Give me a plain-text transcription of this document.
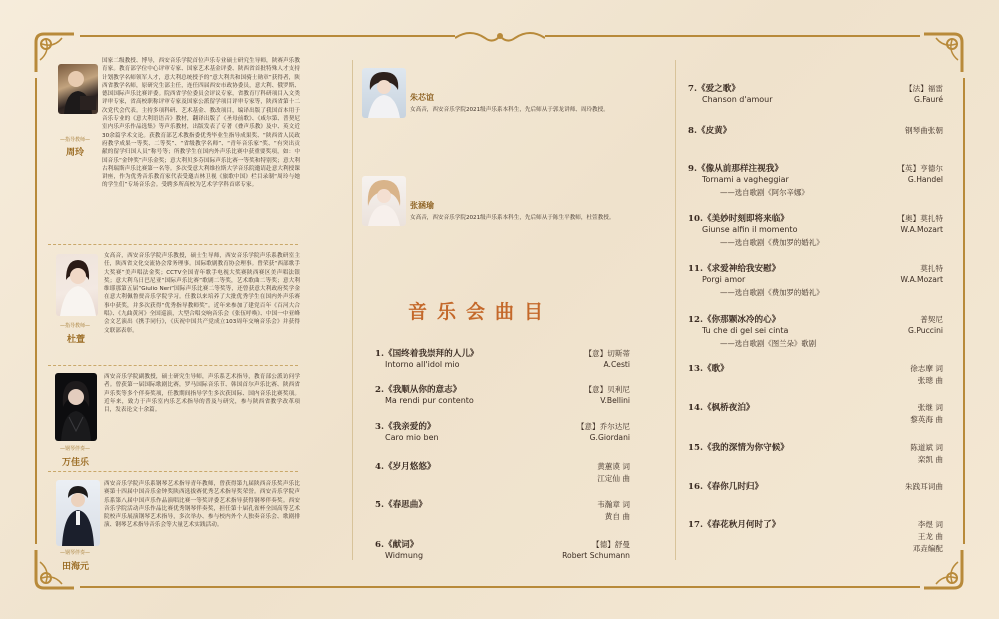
—指导教师—
周玲
国家二级教授、博导，西安音乐学院首位声乐专业硕士研究生导师，陕赛声乐教育家。教育部学位中心评审专家、国家艺术基金评委、陕西省首批特殊人才支持计划教学名师领军人才，意大利总统授予的“意大利共和国骑士勋章”获得者，陕西省教学名师，原研究生部主任，连任四届西安市政协委员，意大利、俄罗斯、德国国际声乐比赛评委。院西省学位委员会评议专家，省教育厅科研项目入文类评审专家，省高校职称评审专家及国家公派留学项目评审专家等，陕西省第十二次党代会代表。主持多项科研、艺术基金、教改项目，编译出版了我国首本用于音乐专业的《意大利语语音》教材，翻译出版了《圣母前歌》、《咸尔第、普契尼室内乐声乐作品选集》等声乐教材，出版发表了专著《叠声乐教》及中、英文近30余篇学术文论。获教育部艺术教指委优秀毕业生指导成果奖、“陕西省人民政府教学成果一等奖、二等奖”、“省级教学名师”、“青年音乐家”奖、“有突出贡献的留学归国人员”称号等；所教学生在国内外声乐比赛中获重要奖项，如：中国音乐“金钟奖”声乐金奖；意大利贝多芬国际声乐比赛一等奖和特别奖；意大利古利瑞斯声乐比赛第一名等。多次受意大利维拉斯大学音乐院邀请赴意大利授课讲座，作为优秀音乐教育家代表受邀吉林卫视《旅歌中国》栏目录制“周玲与她的学生们”专场音乐会。受聘多所高校为艺术学学科首席专家。
—指导教师—
杜萱
女高音，西安音乐学院声乐教授，硕士生导师，西安音乐学院声乐系教研室主任，陕西省文化交流协会常务理事。国际歌剧教育协会理事。曾荣获“西部歌手大奖赛”美声唱法金奖；CCTV全国青年歌手电视大奖赛陕西赛区美声唱法银奖；意大利乌日巴尼亚“国际声乐比赛”歌剧二等奖，艺术歌曲二等奖；意大利维耶那第五届“Giulio Neri”国际声乐比赛二等奖等，还曾获意大利政府奖学金在意大利佩鲁贾音乐学院学习。任教以来培养了大批优秀学生在国内外声乐赛事中获奖，并多次获得“优秀指导教师奖”。近年来参加了建党百年《百河大合唱》、《九曲黄河》全国巡演，大型合唱交响音乐会《张伍呼唤》、中国一中亚峰会文艺演出《携手同行》，《庆祝中国共产党成立103周年交响音乐会》并获得文联部表彰。
—钢琴伴奏—
万佳乐
西安音乐学院副教授，硕士研究生导师，声乐系艺术指导，教育部公派访问学者。曾获第一届国际歌剧比赛，罗马国际音乐节、韩国首尔声乐比赛、陕西省声乐奖等多个伴奏奖项，任教期间指导学生多次获国际、国内音乐比赛奖项。近年来，致力于声乐室内乐艺术指导的普及与研究，参与陕西省教学改革项目，发表论文十余篇。
—钢琴伴奏—
田海元
西安音乐学院声乐系钢琴艺术指导青年教师，曾获得第九届陕西音乐奖声乐比赛第十四届中国音乐金钟奖陕西选拔赛优秀艺术指导奖荣誉。西安音乐学院声乐系第八届中国声乐作品演唱比赛一等奖评委艺术指导获得钢琴伴奏奖。西安音乐学院活动声乐作品比赛优秀钢琴伴奏奖，担任第十届孔雀杯全国高等艺术院校声乐展演钢琴艺术指导，多次举办、参与校内外个人独奏音乐会、歌剧排演、钢琴艺术指导音乐会等大量艺术实践活动。
朱芯谊
女高音，西安音乐学院2021级声乐系本科生，先后师从于郭龙讲师、周玲教授。
张涵瑜
女高音，西安音乐学院2021级声乐系本科生，先后师从于陈生平教师，杜萱教授。
音乐会曲目
1.《国终着我崇拜的人儿》
Intorno all'idol mio
【意】切斯蒂
A.Cesti
2.《我顺从你的意志》
Ma rendi pur contento
【意】贝利尼
V.Bellini
3.《我亲爱的》
Caro mio ben
【意】乔尔达尼
G.Giordani
4.《岁月悠悠》	黄蕙谟 词
江定仙 曲
5.《春思曲》	韦瀚章 词
黄自 曲
6.《献词》
Widmung
【德】舒曼
Robert Schumann
7.《爱之歌》
Chanson d'amour
【法】福雷
G.Fauré
8.《皮黄》	钢琴曲张朝
9.《像从前那样注视我》
Tornami a vagheggiar
——选自歌剧《阿尔辛娜》
【英】亨德尔
G.Handel
10.《美妙时刻即将来临》
Giunse alfin il momento
——选自歌剧《费加罗的婚礼》
【奥】莫扎特
W.A.Mozart
11.《求爱神给我安慰》
Porgi amor
——选自歌剧《费加罗的婚礼》
莫扎特
W.A.Mozart
12.《你那颗冰冷的心》
Tu che di gel sei cinta
——选自歌剧《图兰朵》歌剧
普契尼
G.Puccini
13.《歌》	徐志摩 词
张璁 曲
14.《枫桥夜泊》	张继 词
黎英海 曲
15.《我的深情为你守候》	陈道斌 词
栾凯 曲
16.《春你几时归》	朱践耳词曲
17.《春花秋月何时了》	李煜 词
王龙 曲
邓垚编配
